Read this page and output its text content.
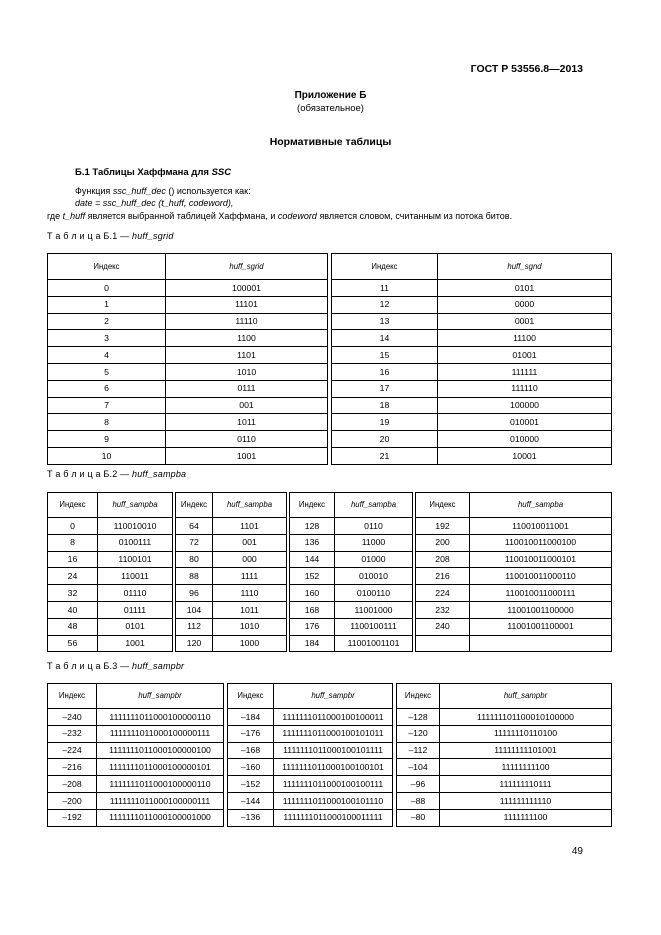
ГОСТ Р 53556.8—2013
Приложение Б
(обязательное)
Нормативные таблицы
Б.1 Таблицы Хаффмана для SSC
Функция ssc_huff_dec () используется как:
date = ssc_huff_dec (t_huff, codeword),
где t_huff является выбранной таблицей Хаффмана, и codeword является словом, считанным из потока битов.
Т а б л и ц а Б.1 — huff_sgrid
Индекс	huff_sgrid		Индекс	huff_sgnd
0	100001		11	0101
1	11101		12	0000
2	11110		13	0001
3	1100		14	11100
4	1101		15	01001
5	1010		16	111111
6	0111		17	111110
7	001		18	100000
8	1011		19	010001
9	0110		20	010000
10	1001		21	10001
Т а б л и ц а Б.2 — huff_sampba
Индекс	huff_sampba		Индекс	huff_sampba		Индекс	huff_sampba		Индекс	huff_sampba
0	110010010		64	1101		128	0110		192	110010011001
8	0100111		72	001		136	11000		200	110010011000100
16	1100101		80	000		144	01000		208	110010011000101
24	110011		88	1111		152	010010		216	110010011000110
32	01110		96	1110		160	0100110		224	110010011000111
40	01111		104	1011		168	11001000		232	11001001100000
48	0101		112	1010		176	1100100111		240	11001001100001
56	1001		120	1000		184	11001001101			
Т а б л и ц а Б.3 — huff_sampbr
Индекс	huff_sampbr		Индекс	huff_sampbr		Индекс	huff_sampbr
–240	1111111011000100000110		–184	1111111011000100100011		–128	111111101100010100000
–232	1111111011000100000111		–176	1111111011000100101011		–120	11111110110100
–224	1111111011000100000100		–168	1111111011000100101111		–112	11111111101001
–216	1111111011000100000101		–160	1111111011000100100101		–104	11111111100
–208	1111111011000100000110		–152	1111111011000100100111		–96	111111110111
–200	1111111011000100000111		–144	1111111011000100101110		–88	111111111110
–192	1111111011000100001000		–136	1111111011000100011111		–80	1111111100
49
